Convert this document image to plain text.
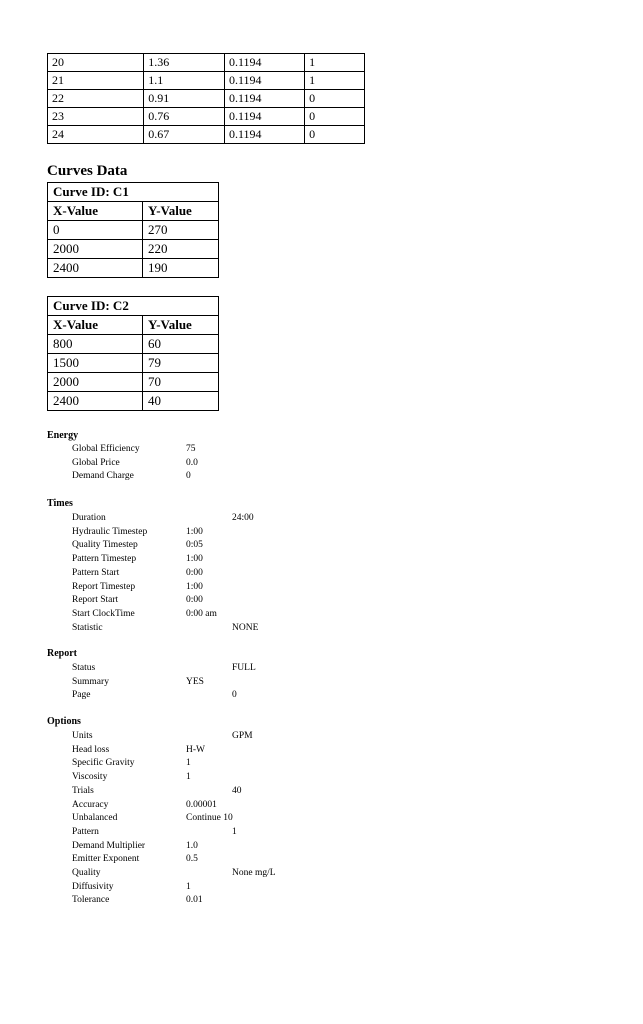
20	1.36	0.1194	1
21	1.1	0.1194	1
22	0.91	0.1194	0
23	0.76	0.1194	0
24	0.67	0.1194	0
Curves Data
Curve ID: C1	
X-Value	Y-Value
0	270
2000	220
2400	190
Curve ID: C2	
X-Value	Y-Value
800	60
1500	79
2000	70
2400	40
Energy
Global Efficiency	75
Global Price	0.0
Demand Charge	0
Times
Duration	24:00
Hydraulic Timestep	1:00
Quality Timestep	0:05
Pattern Timestep	1:00
Pattern Start	0:00
Report Timestep	1:00
Report Start	0:00
Start ClockTime	0:00 am
Statistic	NONE
Report
Status	FULL
Summary	YES
Page	0
Options
Units	GPM
Head loss	H-W
Specific Gravity	1
Viscosity	1
Trials	40
Accuracy	0.00001
Unbalanced	Continue 10
Pattern	1
Demand Multiplier	1.0
Emitter Exponent	0.5
Quality	None mg/L
Diffusivity	1
Tolerance	0.01
